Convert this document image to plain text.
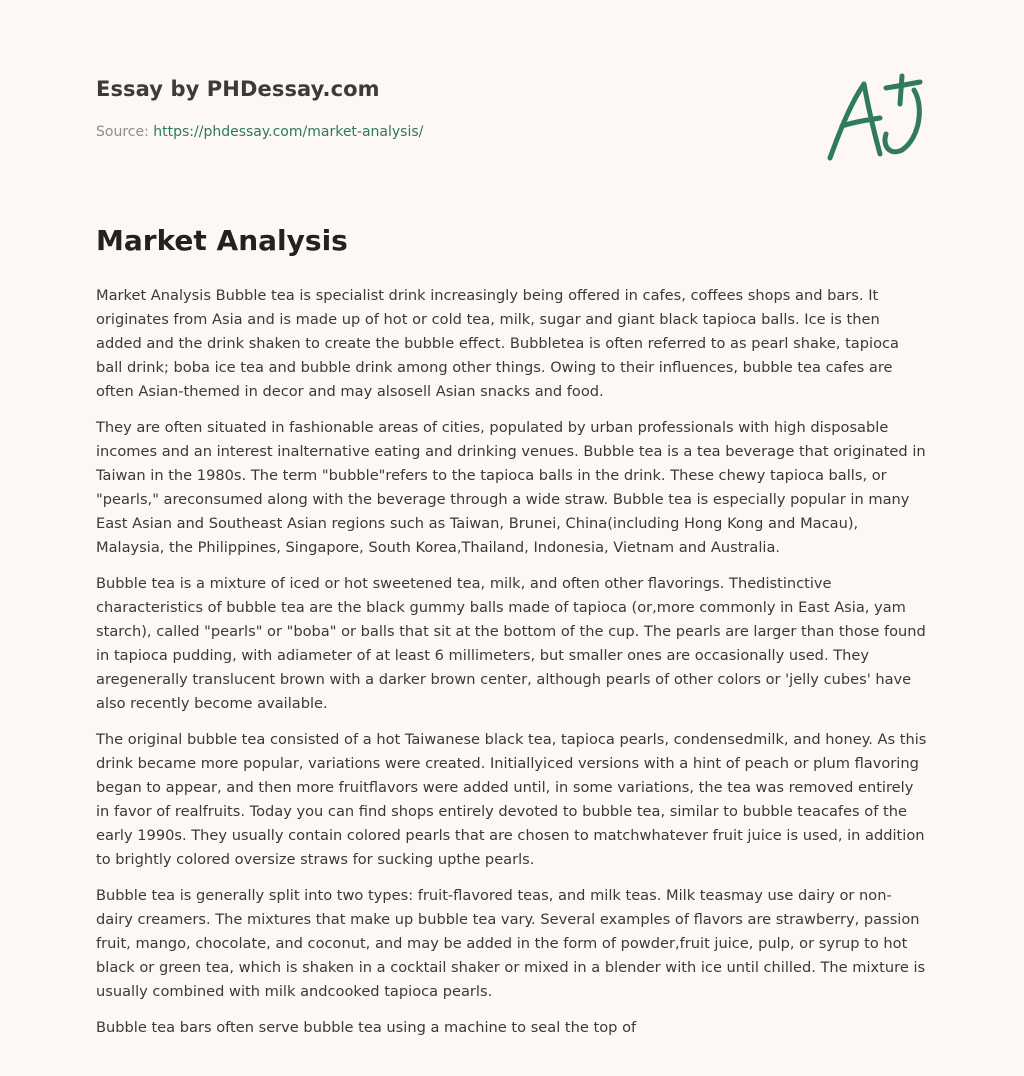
Essay by PHDessay.com
Source: https://phdessay.com/market-analysis/
Market Analysis

Market Analysis Bubble tea is specialist drink increasingly being offered in cafes, coffees shops and bars. It originates from Asia and is made up of hot or cold tea, milk, sugar and giant black tapioca balls. Ice is then added and the drink shaken to create the bubble effect. Bubbletea is often referred to as pearl shake, tapioca ball drink; boba ice tea and bubble drink among other things. Owing to their influences, bubble tea cafes are often Asian-themed in decor and may alsosell Asian snacks and food.

They are often situated in fashionable areas of cities, populated by urban professionals with high disposable incomes and an interest inalternative eating and drinking venues. Bubble tea is a tea beverage that originated in Taiwan in the 1980s. The term "bubble"refers to the tapioca balls in the drink. These chewy tapioca balls, or "pearls," areconsumed along with the beverage through a wide straw. Bubble tea is especially popular in many East Asian and Southeast Asian regions such as Taiwan, Brunei, China(including Hong Kong and Macau), Malaysia, the Philippines, Singapore, South Korea,Thailand, Indonesia, Vietnam and Australia.

Bubble tea is a mixture of iced or hot sweetened tea, milk, and often other flavorings. Thedistinctive characteristics of bubble tea are the black gummy balls made of tapioca (or,more commonly in East Asia, yam starch), called "pearls" or "boba" or balls that sit at the bottom of the cup. The pearls are larger than those found in tapioca pudding, with adiameter of at least 6 millimeters, but smaller ones are occasionally used. They aregenerally translucent brown with a darker brown center, although pearls of other colors or 'jelly cubes' have also recently become available.

The original bubble tea consisted of a hot Taiwanese black tea, tapioca pearls, condensedmilk, and honey. As this drink became more popular, variations were created. Initiallyiced versions with a hint of peach or plum flavoring began to appear, and then more fruitflavors were added until, in some variations, the tea was removed entirely in favor of realfruits. Today you can find shops entirely devoted to bubble tea, similar to bubble teacafes of the early 1990s. They usually contain colored pearls that are chosen to matchwhatever fruit juice is used, in addition to brightly colored oversize straws for sucking upthe pearls.

Bubble tea is generally split into two types: fruit-flavored teas, and milk teas. Milk teasmay use dairy or non-dairy creamers. The mixtures that make up bubble tea vary. Several examples of flavors are strawberry, passion fruit, mango, chocolate, and coconut, and may be added in the form of powder,fruit juice, pulp, or syrup to hot black or green tea, which is shaken in a cocktail shaker or mixed in a blender with ice until chilled. The mixture is usually combined with milk andcooked tapioca pearls.

Bubble tea bars often serve bubble tea using a machine to seal the top of
